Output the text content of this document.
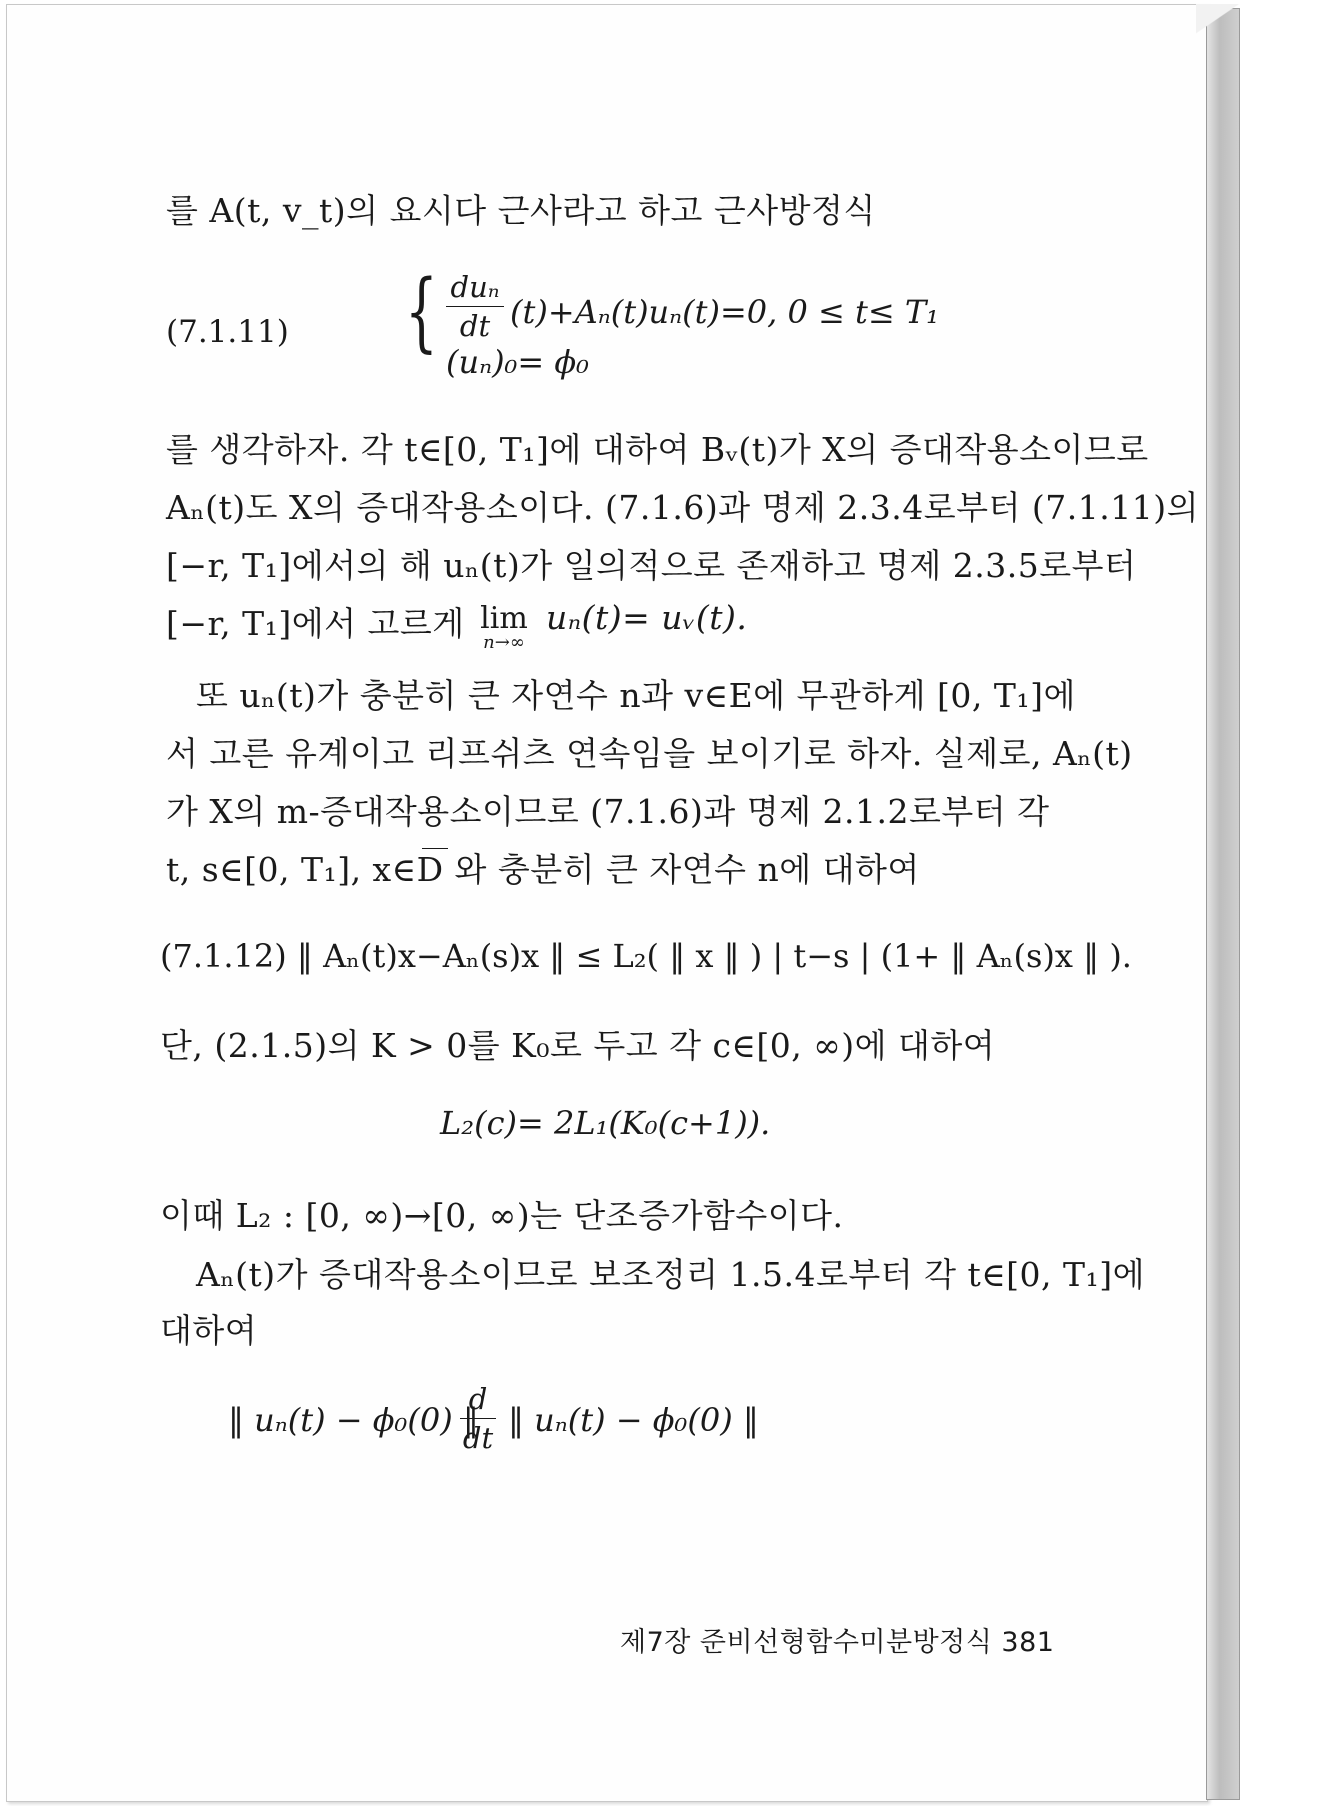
를 A(t, v_t)의 요시다 근사라고 하고 근사방정식
(7.1.11) { duₙ
dt (t)+Aₙ(t)uₙ(t)=0, 0 ≤ t≤ T₁
(uₙ)₀= ϕ₀
를 생각하자. 각 t∈[0, T₁]에 대하여 Bᵥ(t)가 X의 증대작용소이므로
Aₙ(t)도 X의 증대작용소이다. (7.1.6)과 명제 2.3.4로부터 (7.1.11)의
[−r, T₁]에서의 해 uₙ(t)가 일의적으로 존재하고 명제 2.3.5로부터
[−r, T₁]에서 고르게 lim
n→∞
uₙ(t)= uᵥ(t).
또 uₙ(t)가 충분히 큰 자연수 n과 v∈E에 무관하게 [0, T₁]에
서 고른 유계이고 리프쉬츠 연속임을 보이기로 하자. 실제로, Aₙ(t)
가 X의 m-증대작용소이므로 (7.1.6)과 명제 2.1.2로부터 각
t, s∈[0, T₁], x∈D 와 충분히 큰 자연수 n에 대하여
(7.1.12) ‖ Aₙ(t)x−Aₙ(s)x ‖ ≤ L₂( ‖ x ‖ ) | t−s | (1+ ‖ Aₙ(s)x ‖ ).
단, (2.1.5)의 K > 0를 K₀로 두고 각 c∈[0, ∞)에 대하여
L₂(c)= 2L₁(K₀(c+1)).
이때 L₂ : [0, ∞)→[0, ∞)는 단조증가함수이다.
Aₙ(t)가 증대작용소이므로 보조정리 1.5.4로부터 각 t∈[0, T₁]에
대하여
‖ uₙ(t) − ϕ₀(0) ‖
d
dt ‖ uₙ(t) − ϕ₀(0) ‖
제7장 준비선형함수미분방정식 381
